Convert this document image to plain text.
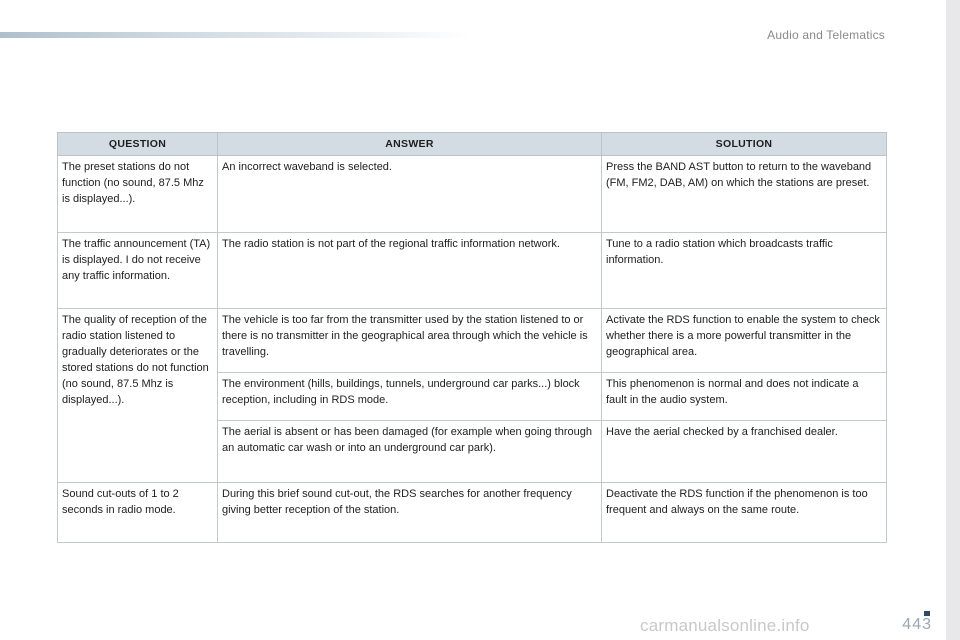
Audio and Telematics
QUESTION	ANSWER	SOLUTION
The preset stations do not function (no sound, 87.5 Mhz is displayed...).	An incorrect waveband is selected.	Press the BAND AST button to return to the waveband (FM, FM2, DAB, AM) on which the stations are preset.
The traffic announcement (TA) is displayed. I do not receive any traffic information.	The radio station is not part of the regional traffic information network.	Tune to a radio station which broadcasts traffic information.
The quality of reception of the radio station listened to gradually deteriorates or the stored stations do not function (no sound, 87.5 Mhz is displayed...).	The vehicle is too far from the transmitter used by the station listened to or there is no transmitter in the geographical area through which the vehicle is travelling.	Activate the RDS function to enable the system to check whether there is a more powerful transmitter in the geographical area.
	The environment (hills, buildings, tunnels, underground car parks...) block reception, including in RDS mode.	This phenomenon is normal and does not indicate a fault in the audio system.
	The aerial is absent or has been damaged (for example when going through an automatic car wash or into an underground car park).	Have the aerial checked by a franchised dealer.
Sound cut-outs of 1 to 2 seconds in radio mode.	During this brief sound cut-out, the RDS searches for another frequency giving better reception of the station.	Deactivate the RDS function if the phenomenon is too frequent and always on the same route.
443
carmanualsonline.info
